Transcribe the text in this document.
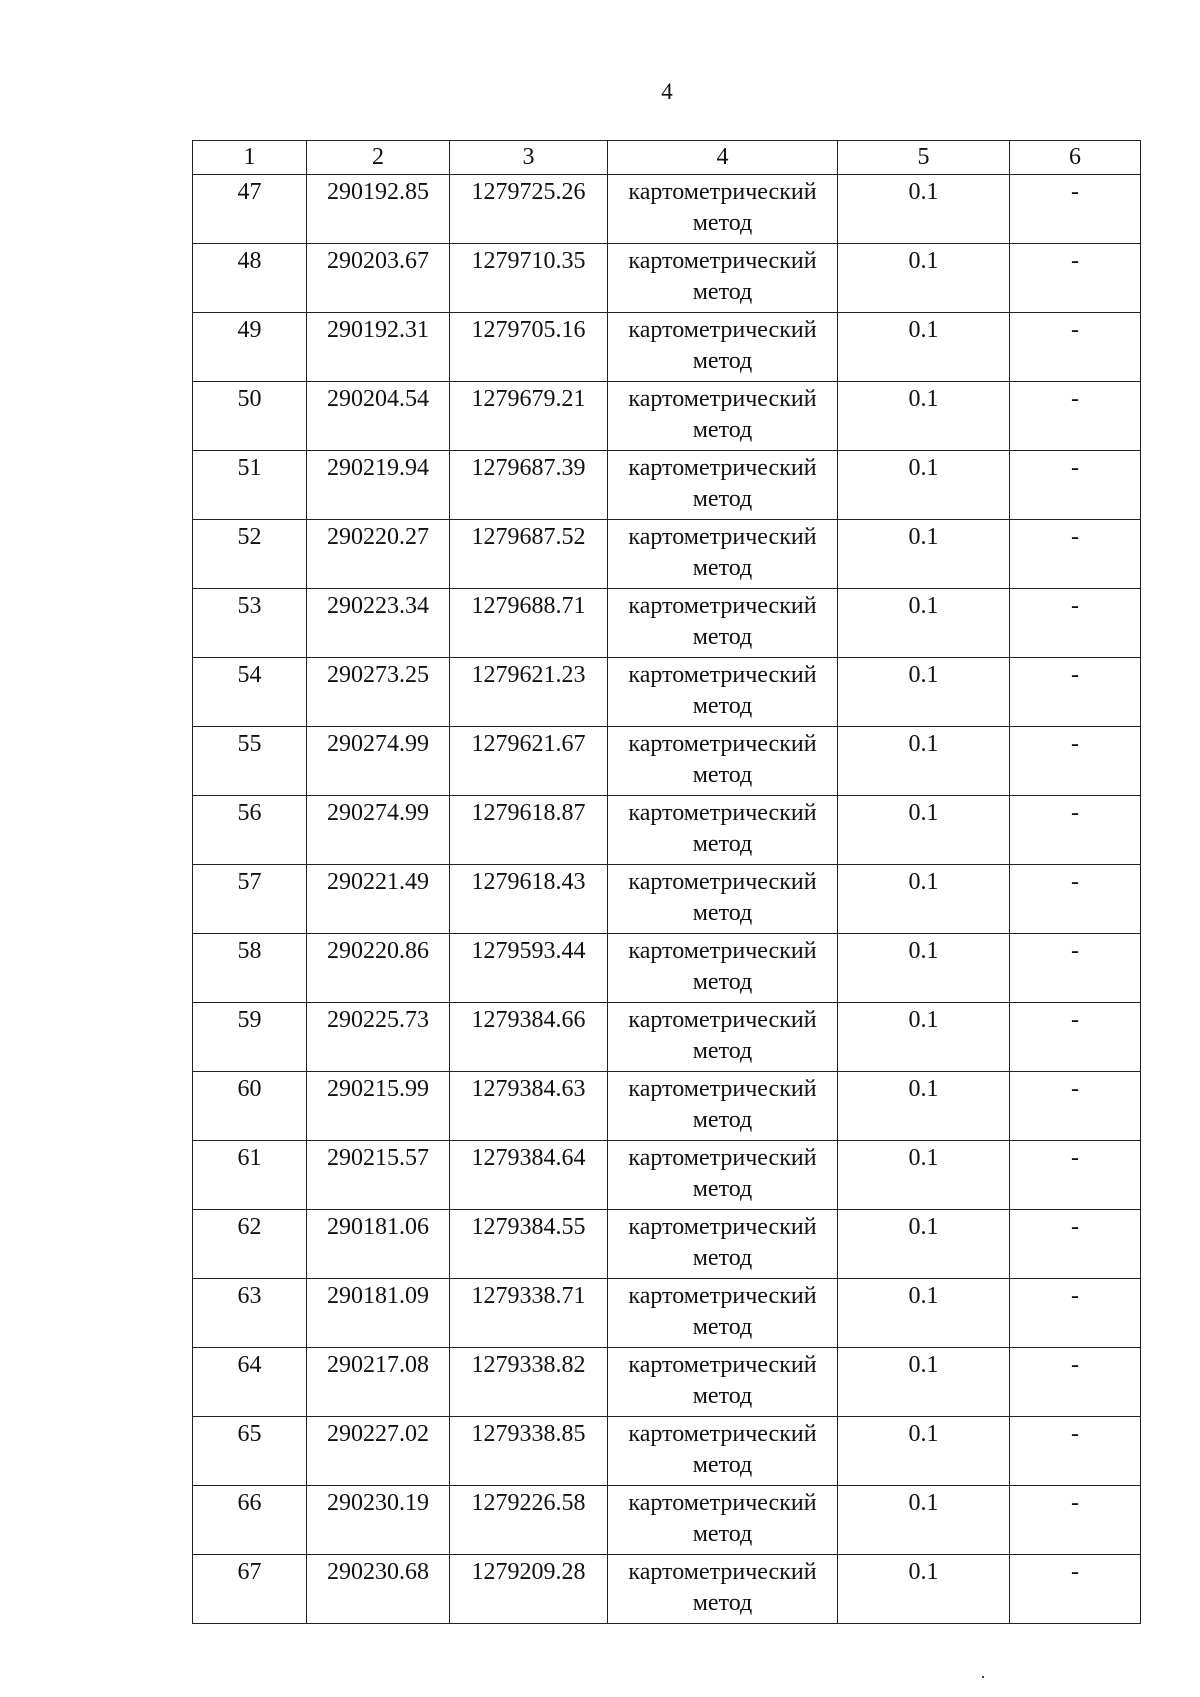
4
1	2	3	4	5	6
47	290192.85	1279725.26	картометрический метод	0.1	-
48	290203.67	1279710.35	картометрический метод	0.1	-
49	290192.31	1279705.16	картометрический метод	0.1	-
50	290204.54	1279679.21	картометрический метод	0.1	-
51	290219.94	1279687.39	картометрический метод	0.1	-
52	290220.27	1279687.52	картометрический метод	0.1	-
53	290223.34	1279688.71	картометрический метод	0.1	-
54	290273.25	1279621.23	картометрический метод	0.1	-
55	290274.99	1279621.67	картометрический метод	0.1	-
56	290274.99	1279618.87	картометрический метод	0.1	-
57	290221.49	1279618.43	картометрический метод	0.1	-
58	290220.86	1279593.44	картометрический метод	0.1	-
59	290225.73	1279384.66	картометрический метод	0.1	-
60	290215.99	1279384.63	картометрический метод	0.1	-
61	290215.57	1279384.64	картометрический метод	0.1	-
62	290181.06	1279384.55	картометрический метод	0.1	-
63	290181.09	1279338.71	картометрический метод	0.1	-
64	290217.08	1279338.82	картометрический метод	0.1	-
65	290227.02	1279338.85	картометрический метод	0.1	-
66	290230.19	1279226.58	картометрический метод	0.1	-
67	290230.68	1279209.28	картометрический метод	0.1	-
